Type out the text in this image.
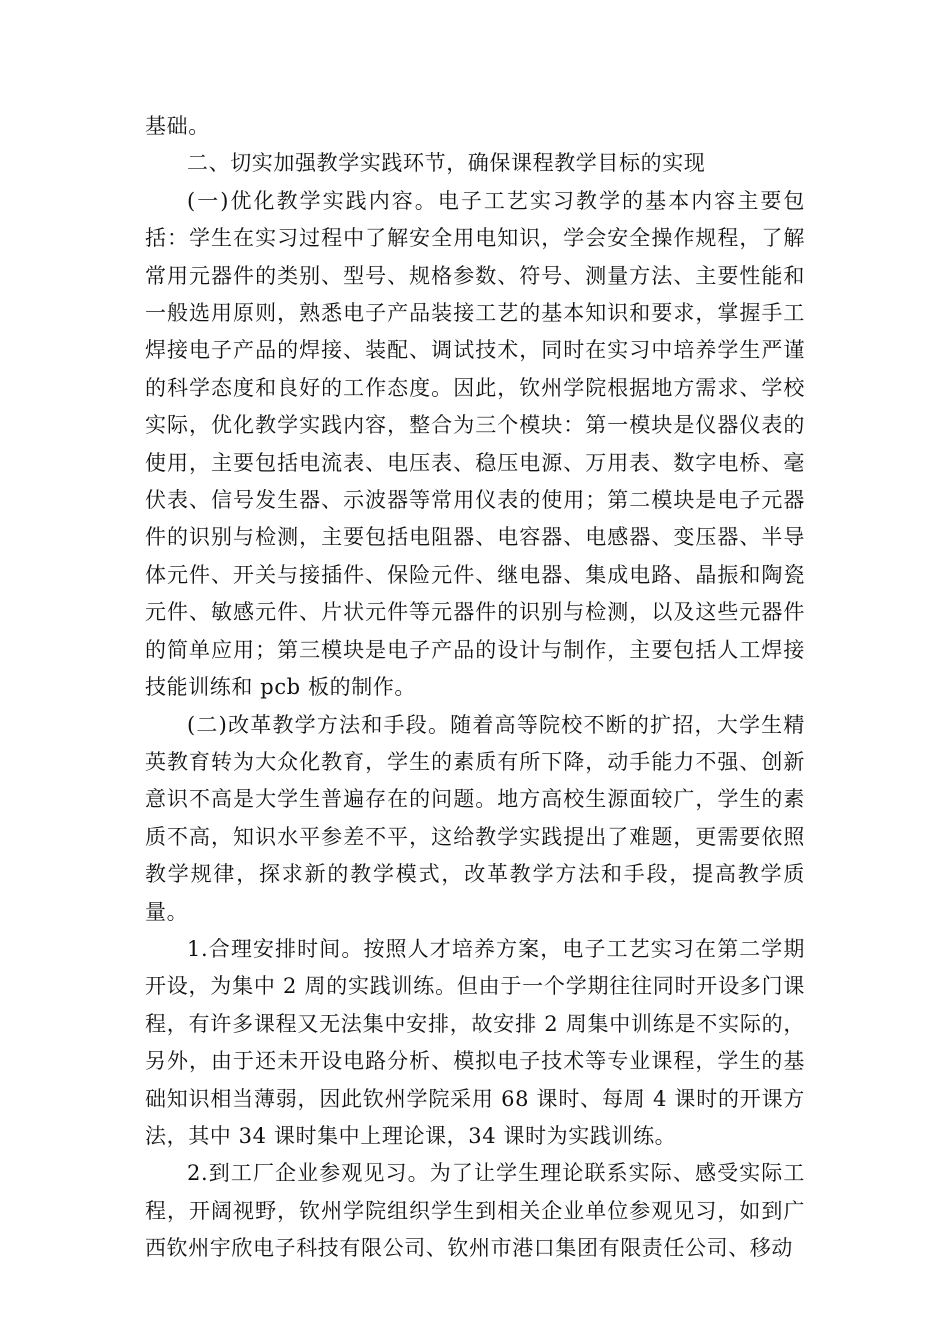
基础。

二、切实加强教学实践环节，确保课程教学目标的实现

(一)优化教学实践内容。电子工艺实习教学的基本内容主要包括：学生在实习过程中了解安全用电知识，学会安全操作规程，了解常用元器件的类别、型号、规格参数、符号、测量方法、主要性能和一般选用原则，熟悉电子产品装接工艺的基本知识和要求，掌握手工焊接电子产品的焊接、装配、调试技术，同时在实习中培养学生严谨的科学态度和良好的工作态度。因此，钦州学院根据地方需求、学校实际，优化教学实践内容，整合为三个模块：第一模块是仪器仪表的使用，主要包括电流表、电压表、稳压电源、万用表、数字电桥、毫伏表、信号发生器、示波器等常用仪表的使用；第二模块是电子元器件的识别与检测，主要包括电阻器、电容器、电感器、变压器、半导体元件、开关与接插件、保险元件、继电器、集成电路、晶振和陶瓷元件、敏感元件、片状元件等元器件的识别与检测，以及这些元器件的简单应用；第三模块是电子产品的设计与制作，主要包括人工焊接技能训练和 pcb 板的制作。

(二)改革教学方法和手段。随着高等院校不断的扩招，大学生精英教育转为大众化教育，学生的素质有所下降，动手能力不强、创新意识不高是大学生普遍存在的问题。地方高校生源面较广，学生的素质不高，知识水平参差不平，这给教学实践提出了难题，更需要依照教学规律，探求新的教学模式，改革教学方法和手段，提高教学质量。

1.合理安排时间。按照人才培养方案，电子工艺实习在第二学期开设，为集中 2 周的实践训练。但由于一个学期往往同时开设多门课程，有许多课程又无法集中安排，故安排 2 周集中训练是不实际的，另外，由于还未开设电路分析、模拟电子技术等专业课程，学生的基础知识相当薄弱，因此钦州学院采用 68 课时、每周 4 课时的开课方法，其中 34 课时集中上理论课，34 课时为实践训练。

2.到工厂企业参观见习。为了让学生理论联系实际、感受实际工程，开阔视野，钦州学院组织学生到相关企业单位参观见习，如到广西钦州宇欣电子科技有限公司、钦州市港口集团有限责任公司、移动
